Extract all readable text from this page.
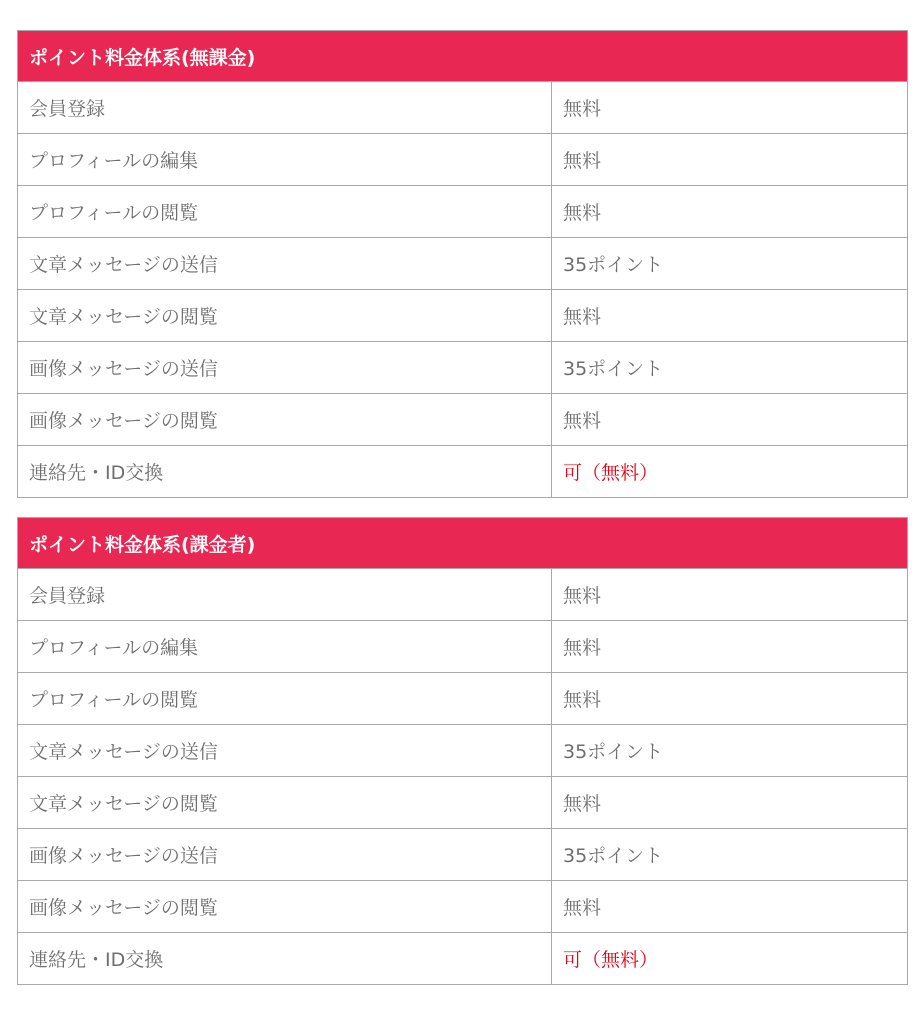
ポイント料金体系(無課金)	
会員登録	無料
プロフィールの編集	無料
プロフィールの閲覧	無料
文章メッセージの送信	35ポイント
文章メッセージの閲覧	無料
画像メッセージの送信	35ポイント
画像メッセージの閲覧	無料
連絡先・ID交換	可（無料）
ポイント料金体系(課金者)	
会員登録	無料
プロフィールの編集	無料
プロフィールの閲覧	無料
文章メッセージの送信	35ポイント
文章メッセージの閲覧	無料
画像メッセージの送信	35ポイント
画像メッセージの閲覧	無料
連絡先・ID交換	可（無料）
